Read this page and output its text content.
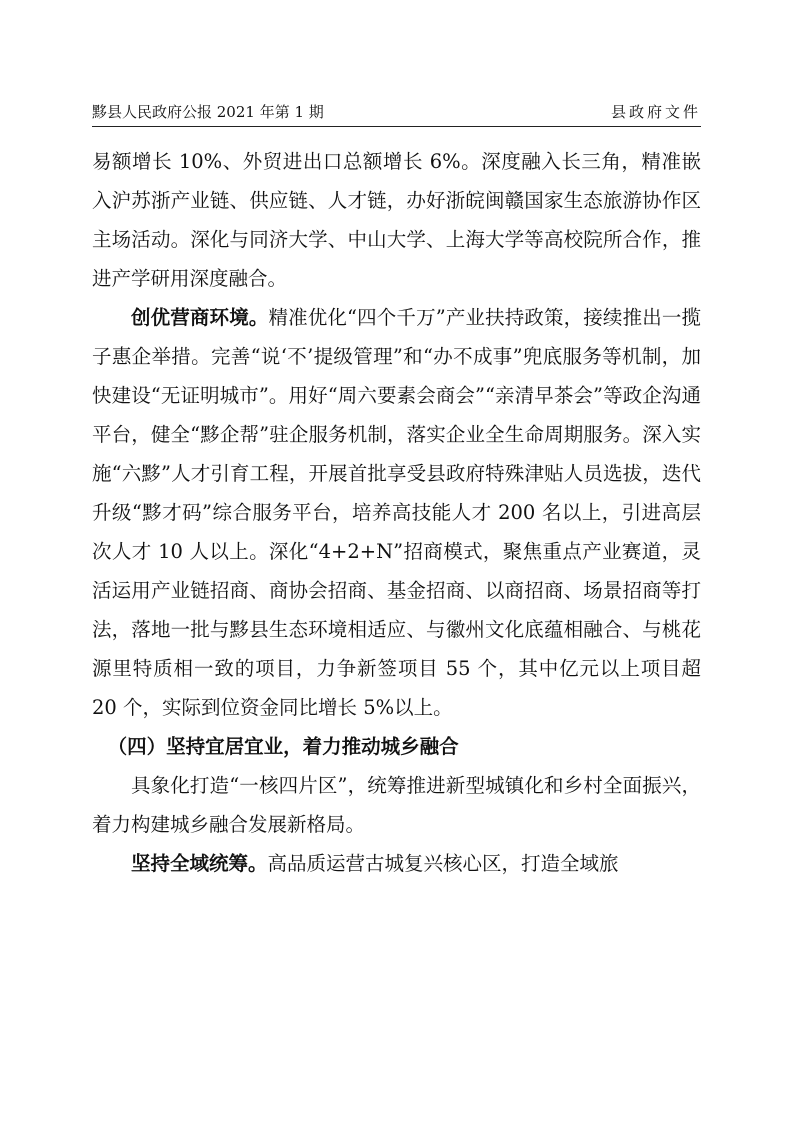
黟县人民政府公报 2021 年第 1 期	县政府文件

易额增长 10%、外贸进出口总额增长 6%。深度融入长三角，精准嵌入沪苏浙产业链、供应链、人才链，办好浙皖闽赣国家生态旅游协作区主场活动。深化与同济大学、中山大学、上海大学等高校院所合作，推进产学研用深度融合。

创优营商环境。精准优化“四个千万”产业扶持政策，接续推出一揽子惠企举措。完善“说‘不’提级管理”和“办不成事”兜底服务等机制，加快建设“无证明城市”。用好“周六要素会商会”“亲清早茶会”等政企沟通平台，健全“黟企帮”驻企服务机制，落实企业全生命周期服务。深入实施“六黟”人才引育工程，开展首批享受县政府特殊津贴人员选拔，迭代升级“黟才码”综合服务平台，培养高技能人才 200 名以上，引进高层次人才 10 人以上。深化“4+2+N”招商模式，聚焦重点产业赛道，灵活运用产业链招商、商协会招商、基金招商、以商招商、场景招商等打法，落地一批与黟县生态环境相适应、与徽州文化底蕴相融合、与桃花源里特质相一致的项目，力争新签项目 55 个，其中亿元以上项目超 20 个，实际到位资金同比增长 5%以上。

（四）坚持宜居宜业，着力推动城乡融合

具象化打造“一核四片区”，统筹推进新型城镇化和乡村全面振兴，着力构建城乡融合发展新格局。

坚持全域统筹。高品质运营古城复兴核心区，打造全域旅
